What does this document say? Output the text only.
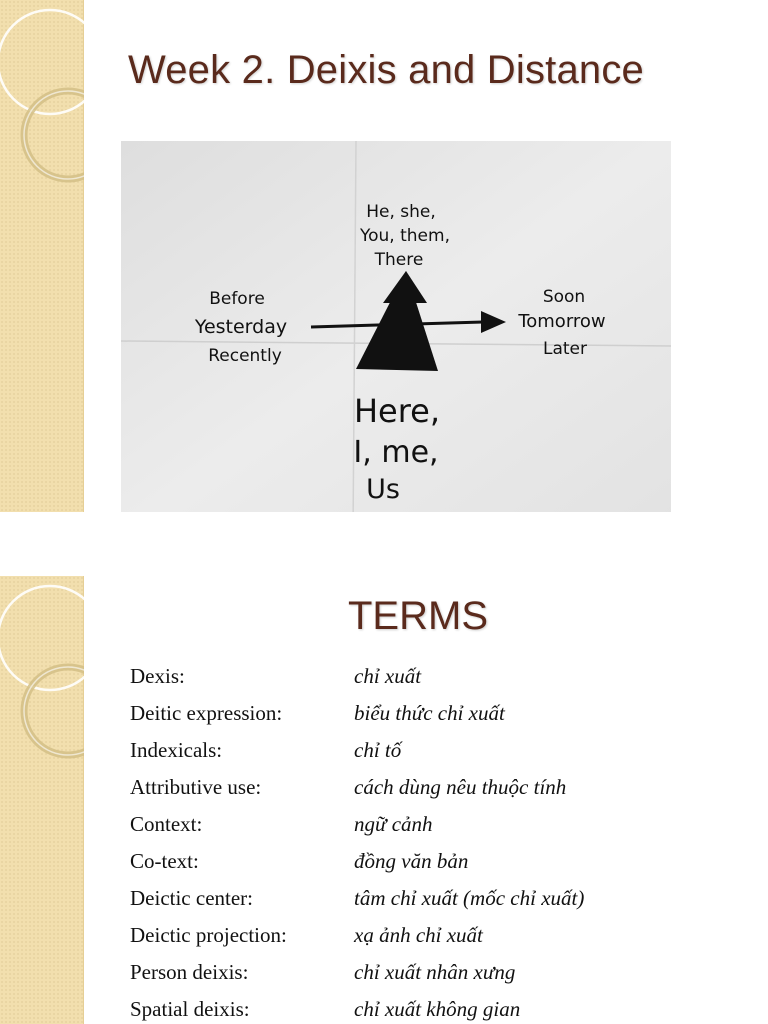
Week 2. Deixis and Distance
He, she,
You, them,
There
Before
Yesterday
Recently
Soon
Tomorrow
Later
Here,
I, me,
Us
TERMS
Dexis:	chỉ xuất
Deitic expression:	biểu thức chỉ xuất
Indexicals:	chỉ tố
Attributive use:	cách dùng nêu thuộc tính
Context:	ngữ cảnh
Co-text:	đồng văn bản
Deictic center:	tâm chỉ xuất (mốc chỉ xuất)
Deictic projection:	xạ ảnh chỉ xuất
Person deixis:	chỉ xuất nhân xưng
Spatial deixis:	chỉ xuất không gian
